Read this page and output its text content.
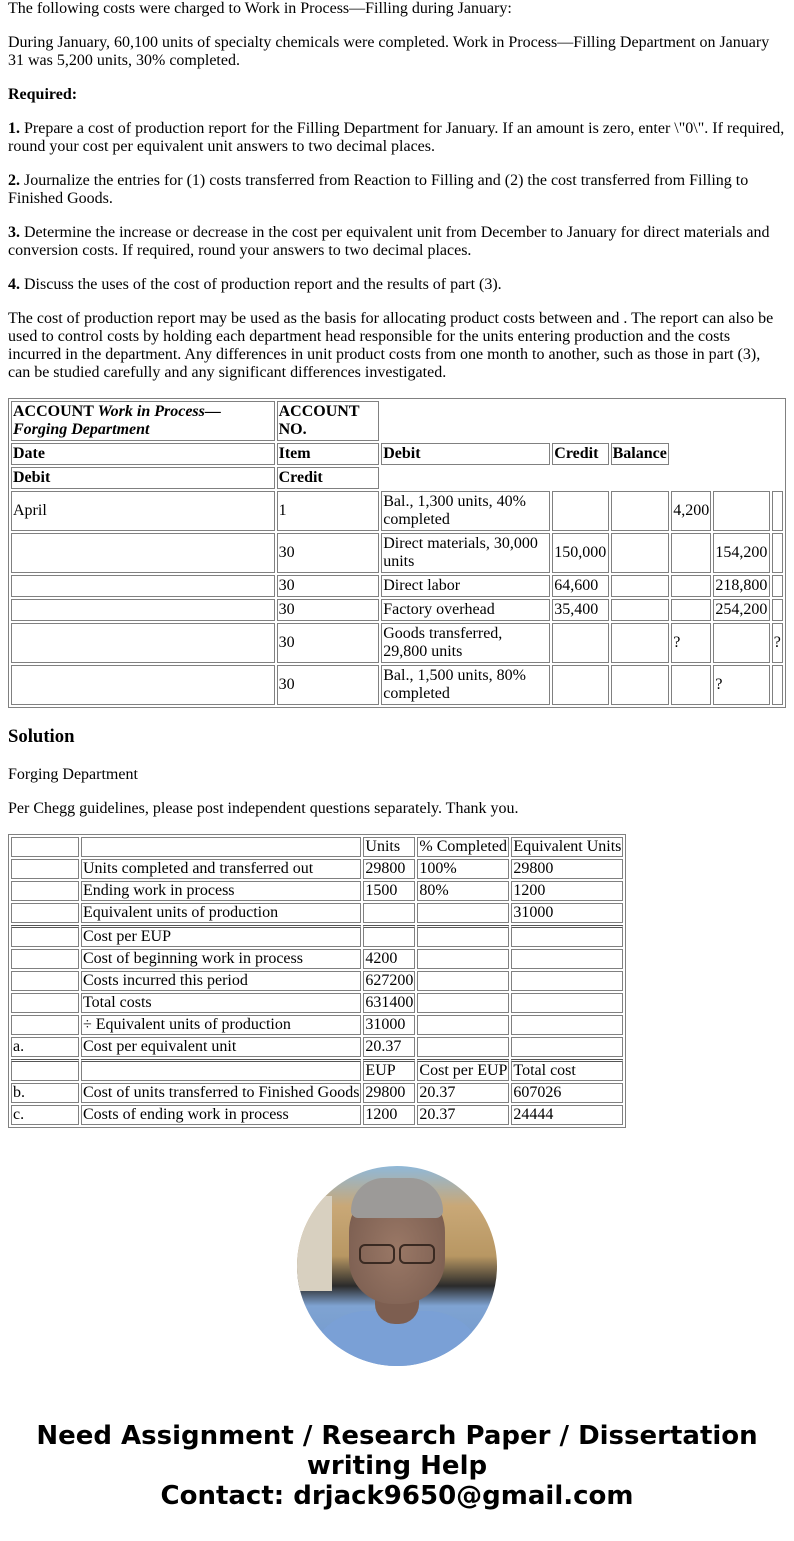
The following costs were charged to Work in Process—Filling during January:

During January, 60,100 units of specialty chemicals were completed. Work in Process—Filling Department on January 31 was 5,200 units, 30% completed.

Required:

1. Prepare a cost of production report for the Filling Department for January. If an amount is zero, enter \"0\". If required, round your cost per equivalent unit answers to two decimal places.

2. Journalize the entries for (1) costs transferred from Reaction to Filling and (2) the cost transferred from Filling to Finished Goods.

3. Determine the increase or decrease in the cost per equivalent unit from December to January for direct materials and conversion costs. If required, round your answers to two decimal places.

4. Discuss the uses of the cost of production report and the results of part (3).

The cost of production report may be used as the basis for allocating product costs between and . The report can also be used to control costs by holding each department head responsible for the units entering production and the costs incurred in the department. Any differences in unit product costs from one month to another, such as those in part (3), can be studied carefully and any significant differences investigated.

ACCOUNT Work in Process—Forging Department	ACCOUNT NO.						
Date	Item	Debit	Credit	Balance			
Debit	Credit						
April	1	Bal., 1,300 units, 40% completed			4,200		
	30	Direct materials, 30,000 units	150,000			154,200	
	30	Direct labor	64,600			218,800	
	30	Factory overhead	35,400			254,200	
	30	Goods transferred, 29,800 units			?		?
	30	Bal., 1,500 units, 80% completed				?	
Solution

Forging Department

Per Chegg guidelines, please post independent questions separately. Thank you.

		Units	% Completed	Equivalent Units
	Units completed and transferred out	29800	100%	29800
	Ending work in process	1500	80%	1200
	Equivalent units of production			31000
	Cost per EUP			
	Cost of beginning work in process	4200		
	Costs incurred this period	627200		
	Total costs	631400		
	÷ Equivalent units of production	31000		
a.	Cost per equivalent unit	20.37		
		EUP	Cost per EUP	Total cost
b.	Cost of units transferred to Finished Goods	29800	20.37	607026
c.	Costs of ending work in process	1200	20.37	24444
Need Assignment / Research Paper / Dissertation
writing Help
Contact: drjack9650@gmail.com
